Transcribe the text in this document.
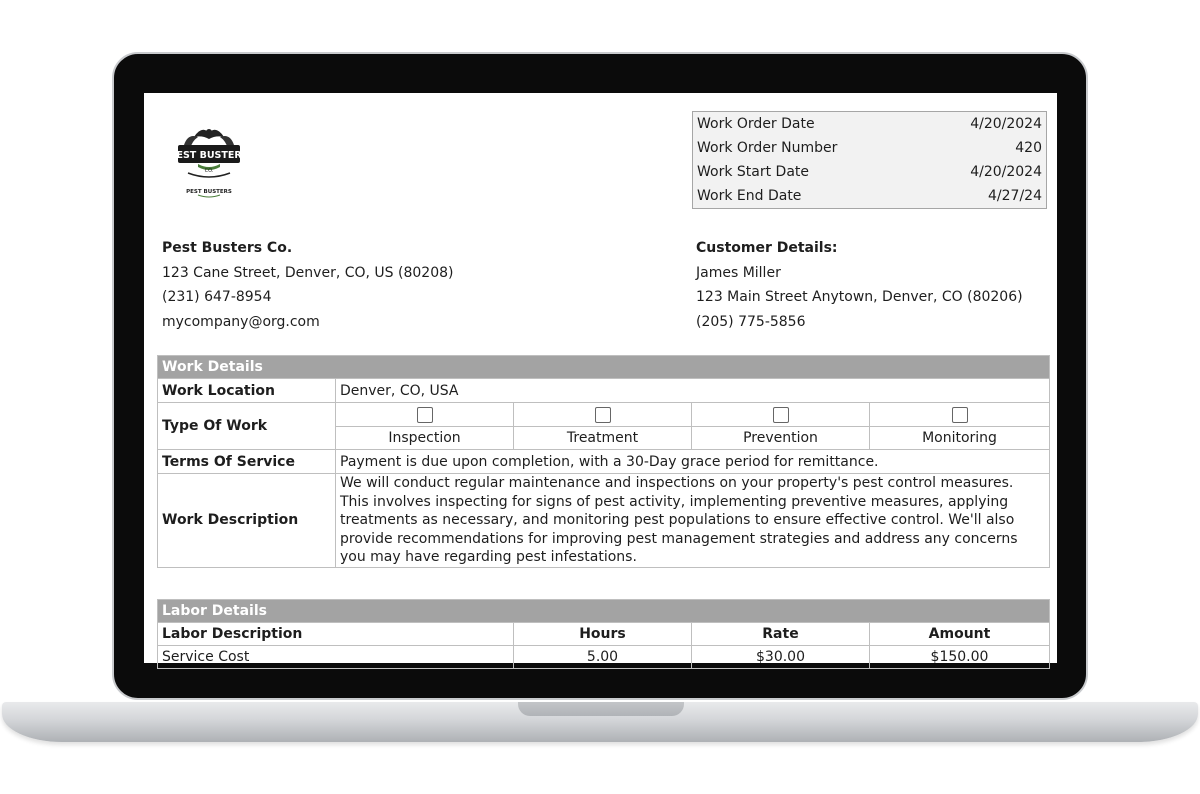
PEST BUSTERS
CO.
PEST BUSTERS
Work Order Date	4/20/2024
Work Order Number	420
Work Start Date	4/20/2024
Work End Date	4/27/24
Pest Busters Co.
123 Cane Street, Denver, CO, US (80208)
(231) 647-8954
mycompany@org.com
Customer Details:
James Miller
123 Main Street Anytown, Denver, CO (80206)
(205) 775-5856
Work Details				
Work Location	Denver, CO, USA			
Type Of Work				
	Inspection	Treatment	Prevention	Monitoring
Terms Of Service	Payment is due upon completion, with a 30-Day grace period for remittance.			
Work Description	We will conduct regular maintenance and inspections on your property's pest control measures. This involves inspecting for signs of pest activity, implementing preventive measures, applying treatments as necessary, and monitoring pest populations to ensure effective control. We'll also provide recommendations for improving pest management strategies and address any concerns you may have regarding pest infestations.			
Labor Details			
Labor Description	Hours	Rate	Amount
Service Cost	5.00	$30.00	$150.00
